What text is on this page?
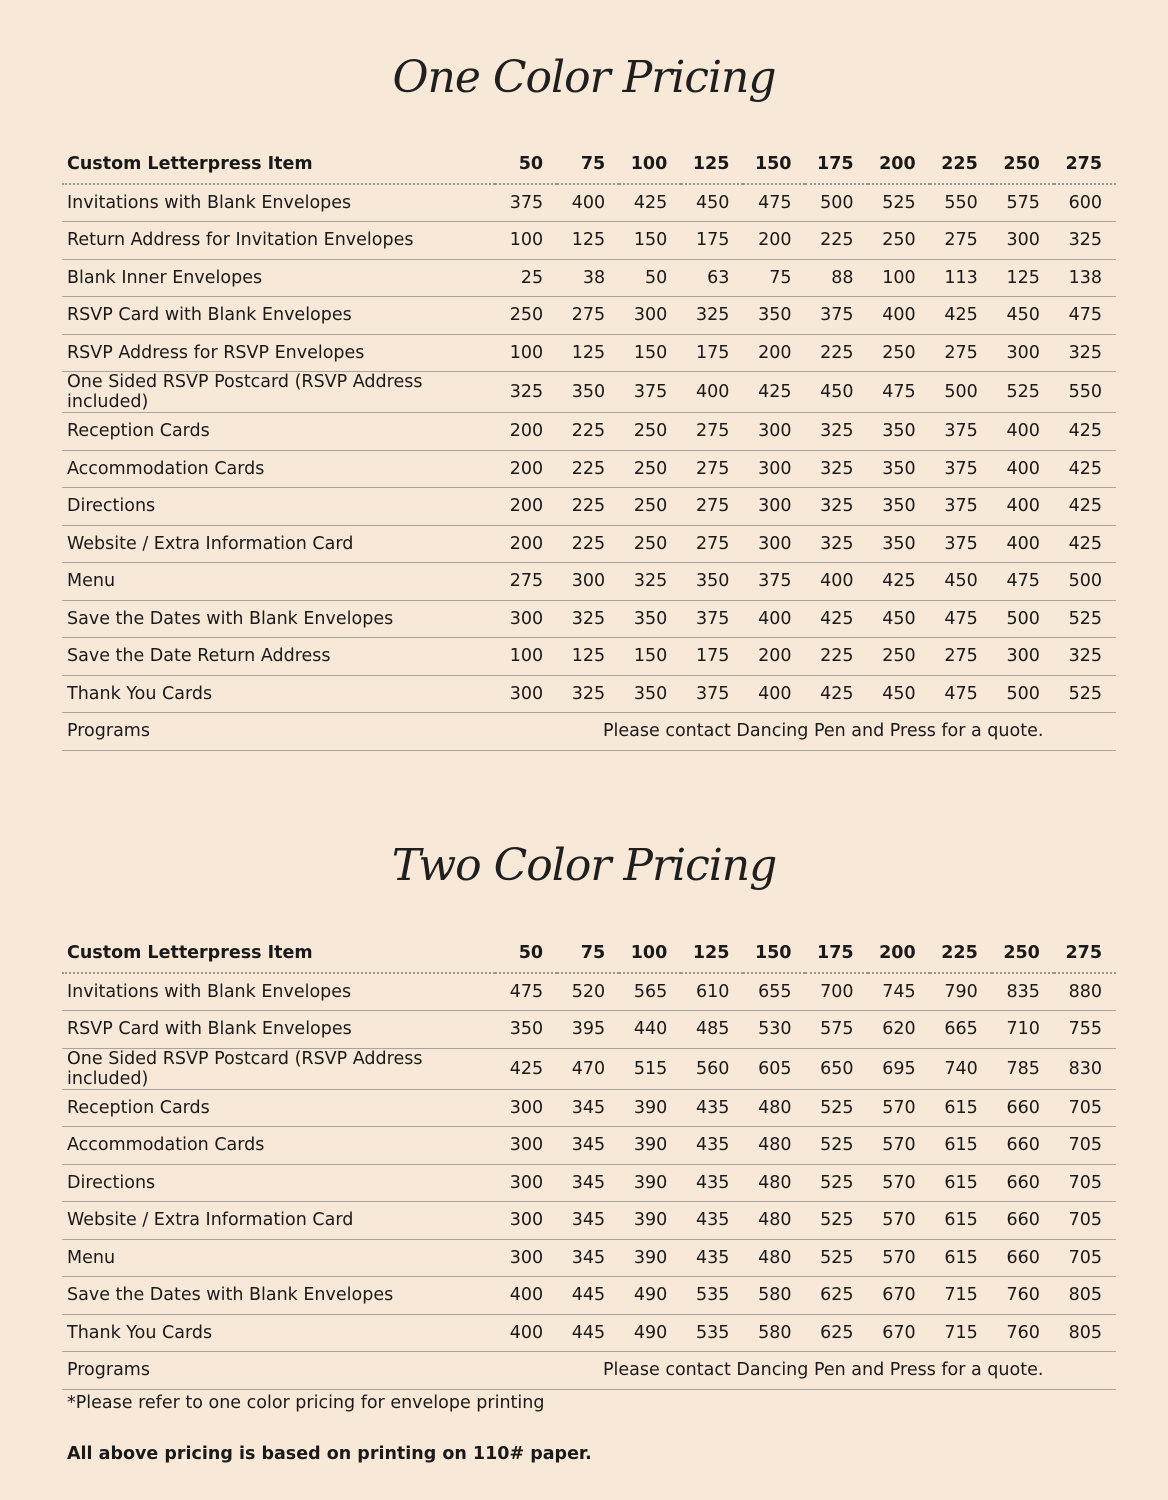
One Color Pricing
Custom Letterpress Item	50	75	100	125	150	175	200	225	250	275
Invitations with Blank Envelopes	375	400	425	450	475	500	525	550	575	600
Return Address for Invitation Envelopes	100	125	150	175	200	225	250	275	300	325
Blank Inner Envelopes	25	38	50	63	75	88	100	113	125	138
RSVP Card with Blank Envelopes	250	275	300	325	350	375	400	425	450	475
RSVP Address for RSVP Envelopes	100	125	150	175	200	225	250	275	300	325
One Sided RSVP Postcard (RSVP Address included)	325	350	375	400	425	450	475	500	525	550
Reception Cards	200	225	250	275	300	325	350	375	400	425
Accommodation Cards	200	225	250	275	300	325	350	375	400	425
Directions	200	225	250	275	300	325	350	375	400	425
Website / Extra Information Card	200	225	250	275	300	325	350	375	400	425
Menu	275	300	325	350	375	400	425	450	475	500
Save the Dates with Blank Envelopes	300	325	350	375	400	425	450	475	500	525
Save the Date Return Address	100	125	150	175	200	225	250	275	300	325
Thank You Cards	300	325	350	375	400	425	450	475	500	525
Programs	Please contact Dancing Pen and Press for a quote.									
Two Color Pricing
Custom Letterpress Item	50	75	100	125	150	175	200	225	250	275
Invitations with Blank Envelopes	475	520	565	610	655	700	745	790	835	880
RSVP Card with Blank Envelopes	350	395	440	485	530	575	620	665	710	755
One Sided RSVP Postcard (RSVP Address included)	425	470	515	560	605	650	695	740	785	830
Reception Cards	300	345	390	435	480	525	570	615	660	705
Accommodation Cards	300	345	390	435	480	525	570	615	660	705
Directions	300	345	390	435	480	525	570	615	660	705
Website / Extra Information Card	300	345	390	435	480	525	570	615	660	705
Menu	300	345	390	435	480	525	570	615	660	705
Save the Dates with Blank Envelopes	400	445	490	535	580	625	670	715	760	805
Thank You Cards	400	445	490	535	580	625	670	715	760	805
Programs	Please contact Dancing Pen and Press for a quote.									
*Please refer to one color pricing for envelope printing
All above pricing is based on printing on 110# paper.
